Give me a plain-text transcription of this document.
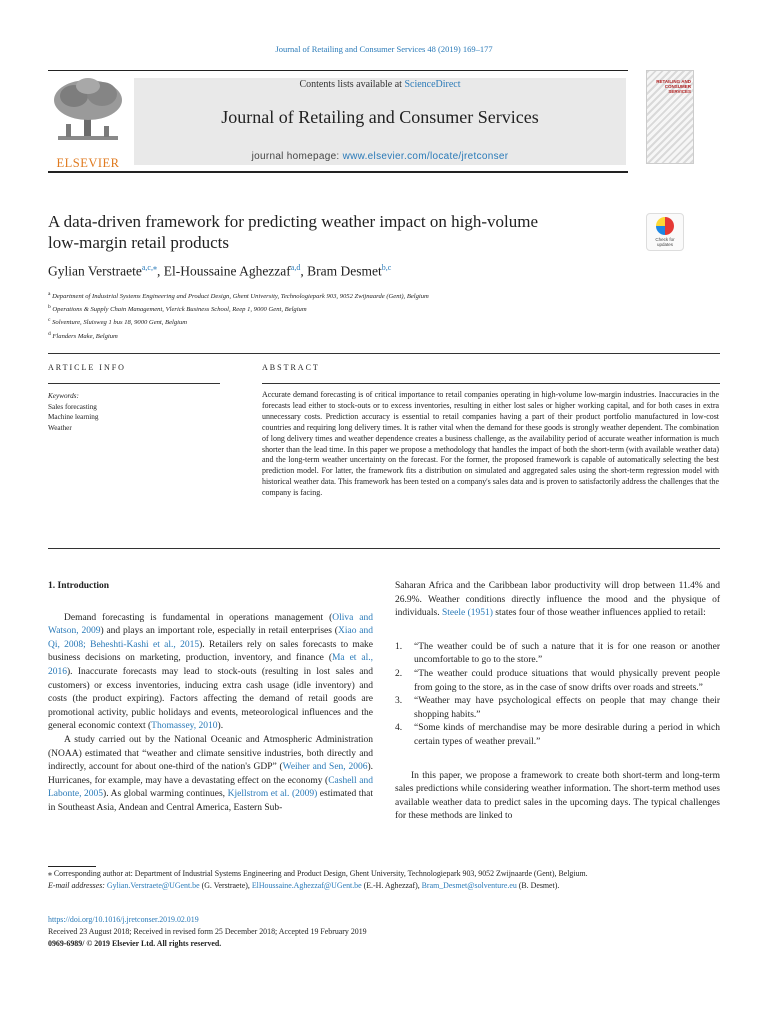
Journal of Retailing and Consumer Services 48 (2019) 169–177
ELSEVIER
Contents lists available at ScienceDirect
Journal of Retailing and Consumer Services
journal homepage: www.elsevier.com/locate/jretconser
RETAILING AND CONSUMER SERVICES
A data-driven framework for predicting weather impact on high-volume
low-margin retail products	Check for updates
Gylian Verstraete$^{a,c,⁎}$, El-Houssaine Aghezzaf$^{a,d}$, Bram Desmet$^{b,c}$
$^a$ Department of Industrial Systems Engineering and Product Design, Ghent University, Technologiepark 903, 9052 Zwijnaarde (Gent), Belgium
$^b$ Operations & Supply Chain Management, Vlerick Business School, Reep 1, 9000 Gent, Belgium
$^c$ Solventure, Sluisweg 1 bus 18, 9000 Gent, Belgium
$^d$ Flanders Make, Belgium
ARTICLE INFO	ABSTRACT
Keywords:
Sales forecasting
Machine learning
Weather
Accurate demand forecasting is of critical importance to retail companies operating in high-volume low-margin industries. Inaccuracies in the forecasts lead either to stock-outs or to excess inventories, resulting in either lost sales or higher working capital, and for both cases in extra unnecessary costs. Prediction accuracy is essential to retail companies having a part of their product portfolio manufactured in low-cost countries and requiring long delivery times. It is rather vital when the demand for these goods is strongly weather dependent. The combination of long delivery times and weather dependence creates a business challenge, as the availability period of accurate weather information is much shorter than the lead time. In this paper we propose a methodology that handles the impact of both the short-term (with available weather data) and the long-term weather uncertainty on the forecast. For the former, the proposed framework is capable of automatically selecting the best prediction model. For latter, the framework fits a distribution on simulated and aggregated sales using the short-term regression model with historical weather data. This framework has been tested on a company's sales data and is proven to satisfactorily address the challenges that the company is facing.

1. Introduction

Demand forecasting is fundamental in operations management (Oliva and Watson, 2009) and plays an important role, especially in retail enterprises (Xiao and Qi, 2008; Beheshti-Kashi et al., 2015). Retailers rely on sales forecasts to make business decisions on marketing, production, inventory, and finance (Ma et al., 2016). Inaccurate forecasts may lead to stock-outs (resulting in lost sales and customers) or excess inventories, inducing extra cash usage (idle inventory) and costs (the product expiring). Factors affecting the demand of retail goods are promotional activity, public holidays and events, meteorological influences and the general economic context (Thomassey, 2010).

A study carried out by the National Oceanic and Atmospheric Administration (NOAA) estimated that “weather and climate sensitive industries, both directly and indirectly, account for about one-third of the nation's GDP” (Weiher and Sen, 2006). Hurricanes, for example, may have a devastating effect on the economy (Cashell and Labonte, 2005). As global warming continues, Kjellstrom et al. (2009) estimated that in Southeast Asia, Andean and Central America, Eastern Sub-

Saharan Africa and the Caribbean labor productivity will drop between 11.4% and 26.9%. Weather conditions directly influence the mood and the physique of individuals. Steele (1951) states four of those weather influences applied to retail:

1. “The weather could be of such a nature that it is for one reason or another uncomfortable to go to the store.”
2. “The weather could produce situations that would physically prevent people from going to the store, as in the case of snow drifts over roads and streets.”
3. “Weather may have psychological effects on people that may change their shopping habits.”
4. “Some kinds of merchandise may be more desirable during a period in which certain types of weather prevail.”

In this paper, we propose a framework to create both short-term and long-term sales predictions while considering weather information. The short-term method uses available weather data to predict sales in the upcoming days. The typical challenges for these methods are linked to

⁎ Corresponding author at: Department of Industrial Systems Engineering and Product Design, Ghent University, Technologiepark 903, 9052 Zwijnaarde (Gent), Belgium.

E-mail addresses: Gylian.Verstraete@UGent.be (G. Verstraete), ElHoussaine.Aghezzaf@UGent.be (E.-H. Aghezzaf), Bram_Desmet@solventure.eu (B. Desmet).

https://doi.org/10.1016/j.jretconser.2019.02.019

Received 23 August 2018; Received in revised form 25 December 2018; Accepted 19 February 2019

0969-6989/ © 2019 Elsevier Ltd. All rights reserved.
